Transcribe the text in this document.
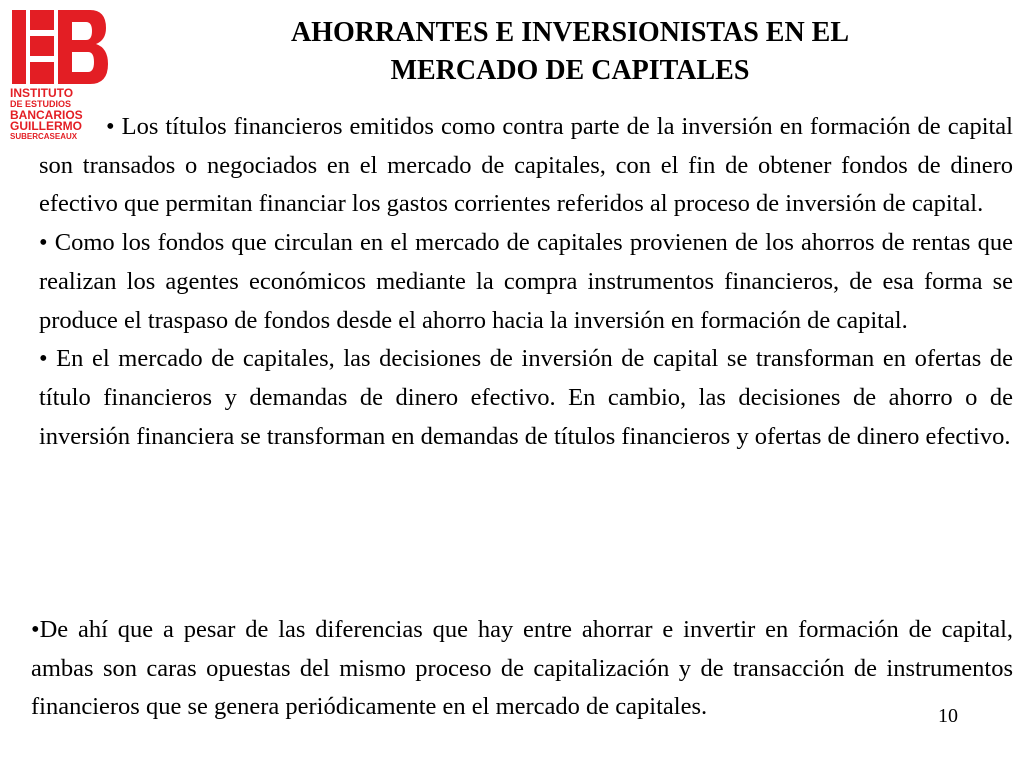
INSTITUTO
DE ESTUDIOS
BANCARIOS
GUILLERMO
SUBERCASEAUX
AHORRANTES E INVERSIONISTAS EN EL
MERCADO DE CAPITALES

• Los títulos financieros emitidos como contra parte de la inversión en formación de capital son transados o negociados en el mercado de capitales, con el fin de obtener fondos de dinero efectivo que permitan financiar los gastos corrientes referidos al proceso de inversión de capital.

• Como los fondos que circulan en el mercado de capitales provienen de los ahorros de rentas que realizan los agentes económicos mediante la compra instrumentos financieros, de esa forma se produce el traspaso de fondos desde el ahorro hacia la inversión en formación de capital.

• En el mercado de capitales, las decisiones de inversión de capital se transforman en ofertas de título financieros y demandas de dinero efectivo. En cambio, las decisiones de ahorro o de inversión financiera se transforman en demandas de títulos financieros y ofertas de dinero efectivo.

•De ahí que a pesar de las diferencias que hay entre ahorrar e invertir en formación de capital, ambas son caras opuestas del mismo proceso de capitalización y de transacción de instrumentos financieros que se genera periódicamente en el mercado de capitales.	10
